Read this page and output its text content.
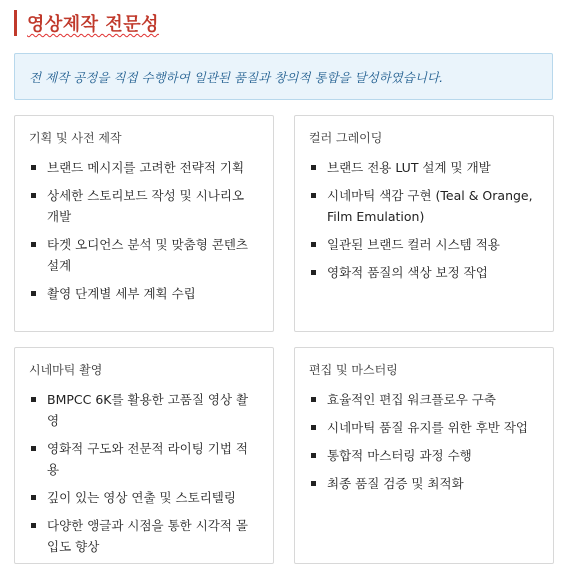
영상제작 전문성
전 제작 공정을 직접 수행하여 일관된 품질과 창의적 통합을 달성하였습니다.
기획 및 사전 제작
브랜드 메시지를 고려한 전략적 기획
상세한 스토리보드 작성 및 시나리오 개발
타겟 오디언스 분석 및 맞춤형 콘텐츠 설계
촬영 단계별 세부 계획 수립
컬러 그레이딩
브랜드 전용 LUT 설계 및 개발
시네마틱 색감 구현 (Teal & Orange, Film Emulation)
일관된 브랜드 컬러 시스템 적용
영화적 품질의 색상 보정 작업
시네마틱 촬영
BMPCC 6K를 활용한 고품질 영상 촬영
영화적 구도와 전문적 라이팅 기법 적용
깊이 있는 영상 연출 및 스토리텔링
다양한 앵글과 시점을 통한 시각적 몰입도 향상
편집 및 마스터링
효율적인 편집 워크플로우 구축
시네마틱 품질 유지를 위한 후반 작업
통합적 마스터링 과정 수행
최종 품질 검증 및 최적화
